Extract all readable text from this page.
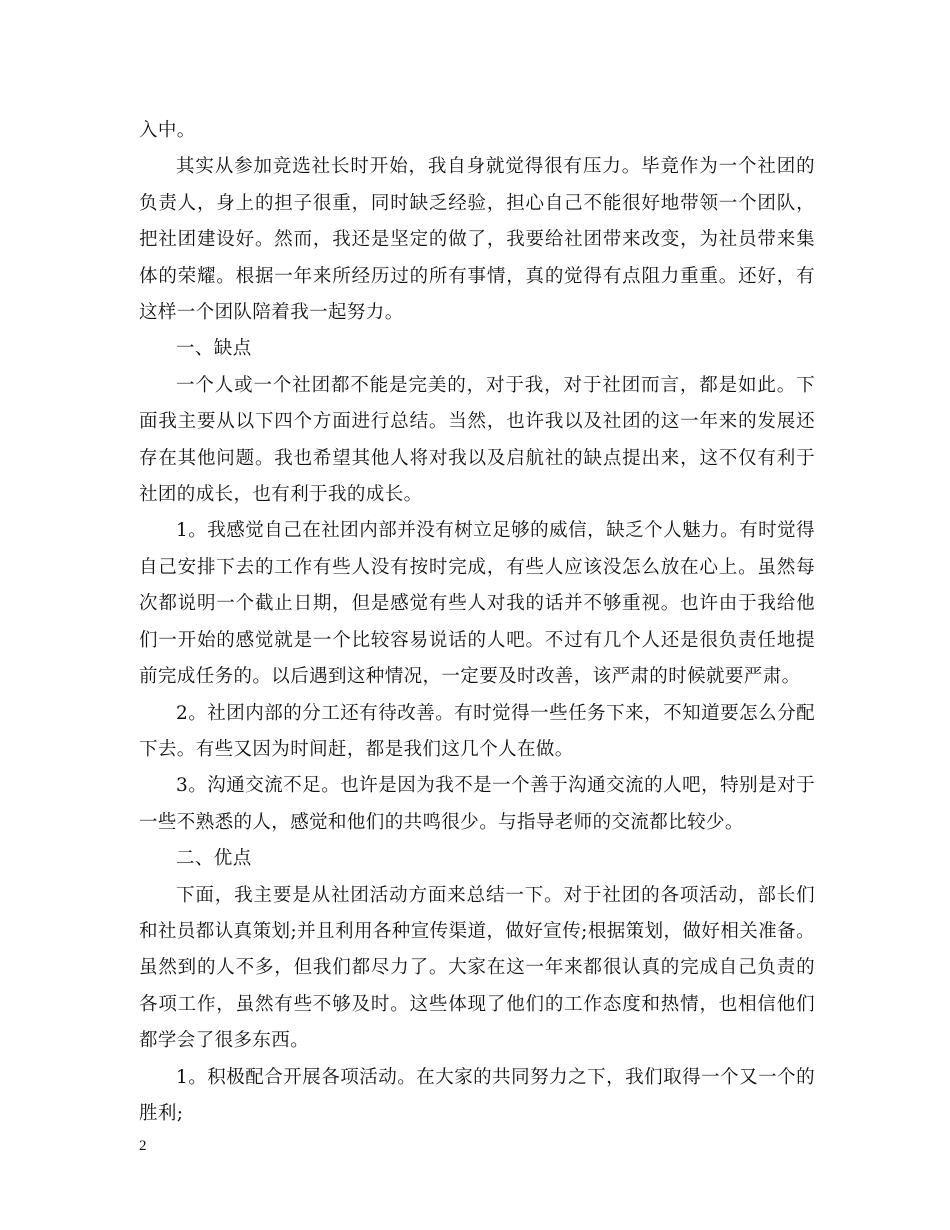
入中。

其实从参加竞选社长时开始，我自身就觉得很有压力。毕竟作为一个社团的负责人，身上的担子很重，同时缺乏经验，担心自己不能很好地带领一个团队，把社团建设好。然而，我还是坚定的做了，我要给社团带来改变，为社员带来集体的荣耀。根据一年来所经历过的所有事情，真的觉得有点阻力重重。还好，有这样一个团队陪着我一起努力。

一、缺点

一个人或一个社团都不能是完美的，对于我，对于社团而言，都是如此。下面我主要从以下四个方面进行总结。当然，也许我以及社团的这一年来的发展还存在其他问题。我也希望其他人将对我以及启航社的缺点提出来，这不仅有利于社团的成长，也有利于我的成长。

1。我感觉自己在社团内部并没有树立足够的威信，缺乏个人魅力。有时觉得自己安排下去的工作有些人没有按时完成，有些人应该没怎么放在心上。虽然每次都说明一个截止日期，但是感觉有些人对我的话并不够重视。也许由于我给他们一开始的感觉就是一个比较容易说话的人吧。不过有几个人还是很负责任地提前完成任务的。以后遇到这种情况，一定要及时改善，该严肃的时候就要严肃。

2。社团内部的分工还有待改善。有时觉得一些任务下来，不知道要怎么分配下去。有些又因为时间赶，都是我们这几个人在做。

3。沟通交流不足。也许是因为我不是一个善于沟通交流的人吧，特别是对于一些不熟悉的人，感觉和他们的共鸣很少。与指导老师的交流都比较少。

二、优点

下面，我主要是从社团活动方面来总结一下。对于社团的各项活动，部长们和社员都认真策划;并且利用各种宣传渠道，做好宣传;根据策划，做好相关准备。虽然到的人不多，但我们都尽力了。大家在这一年来都很认真的完成自己负责的各项工作，虽然有些不够及时。这些体现了他们的工作态度和热情，也相信他们都学会了很多东西。

1。积极配合开展各项活动。在大家的共同努力之下，我们取得一个又一个的胜利;

2
